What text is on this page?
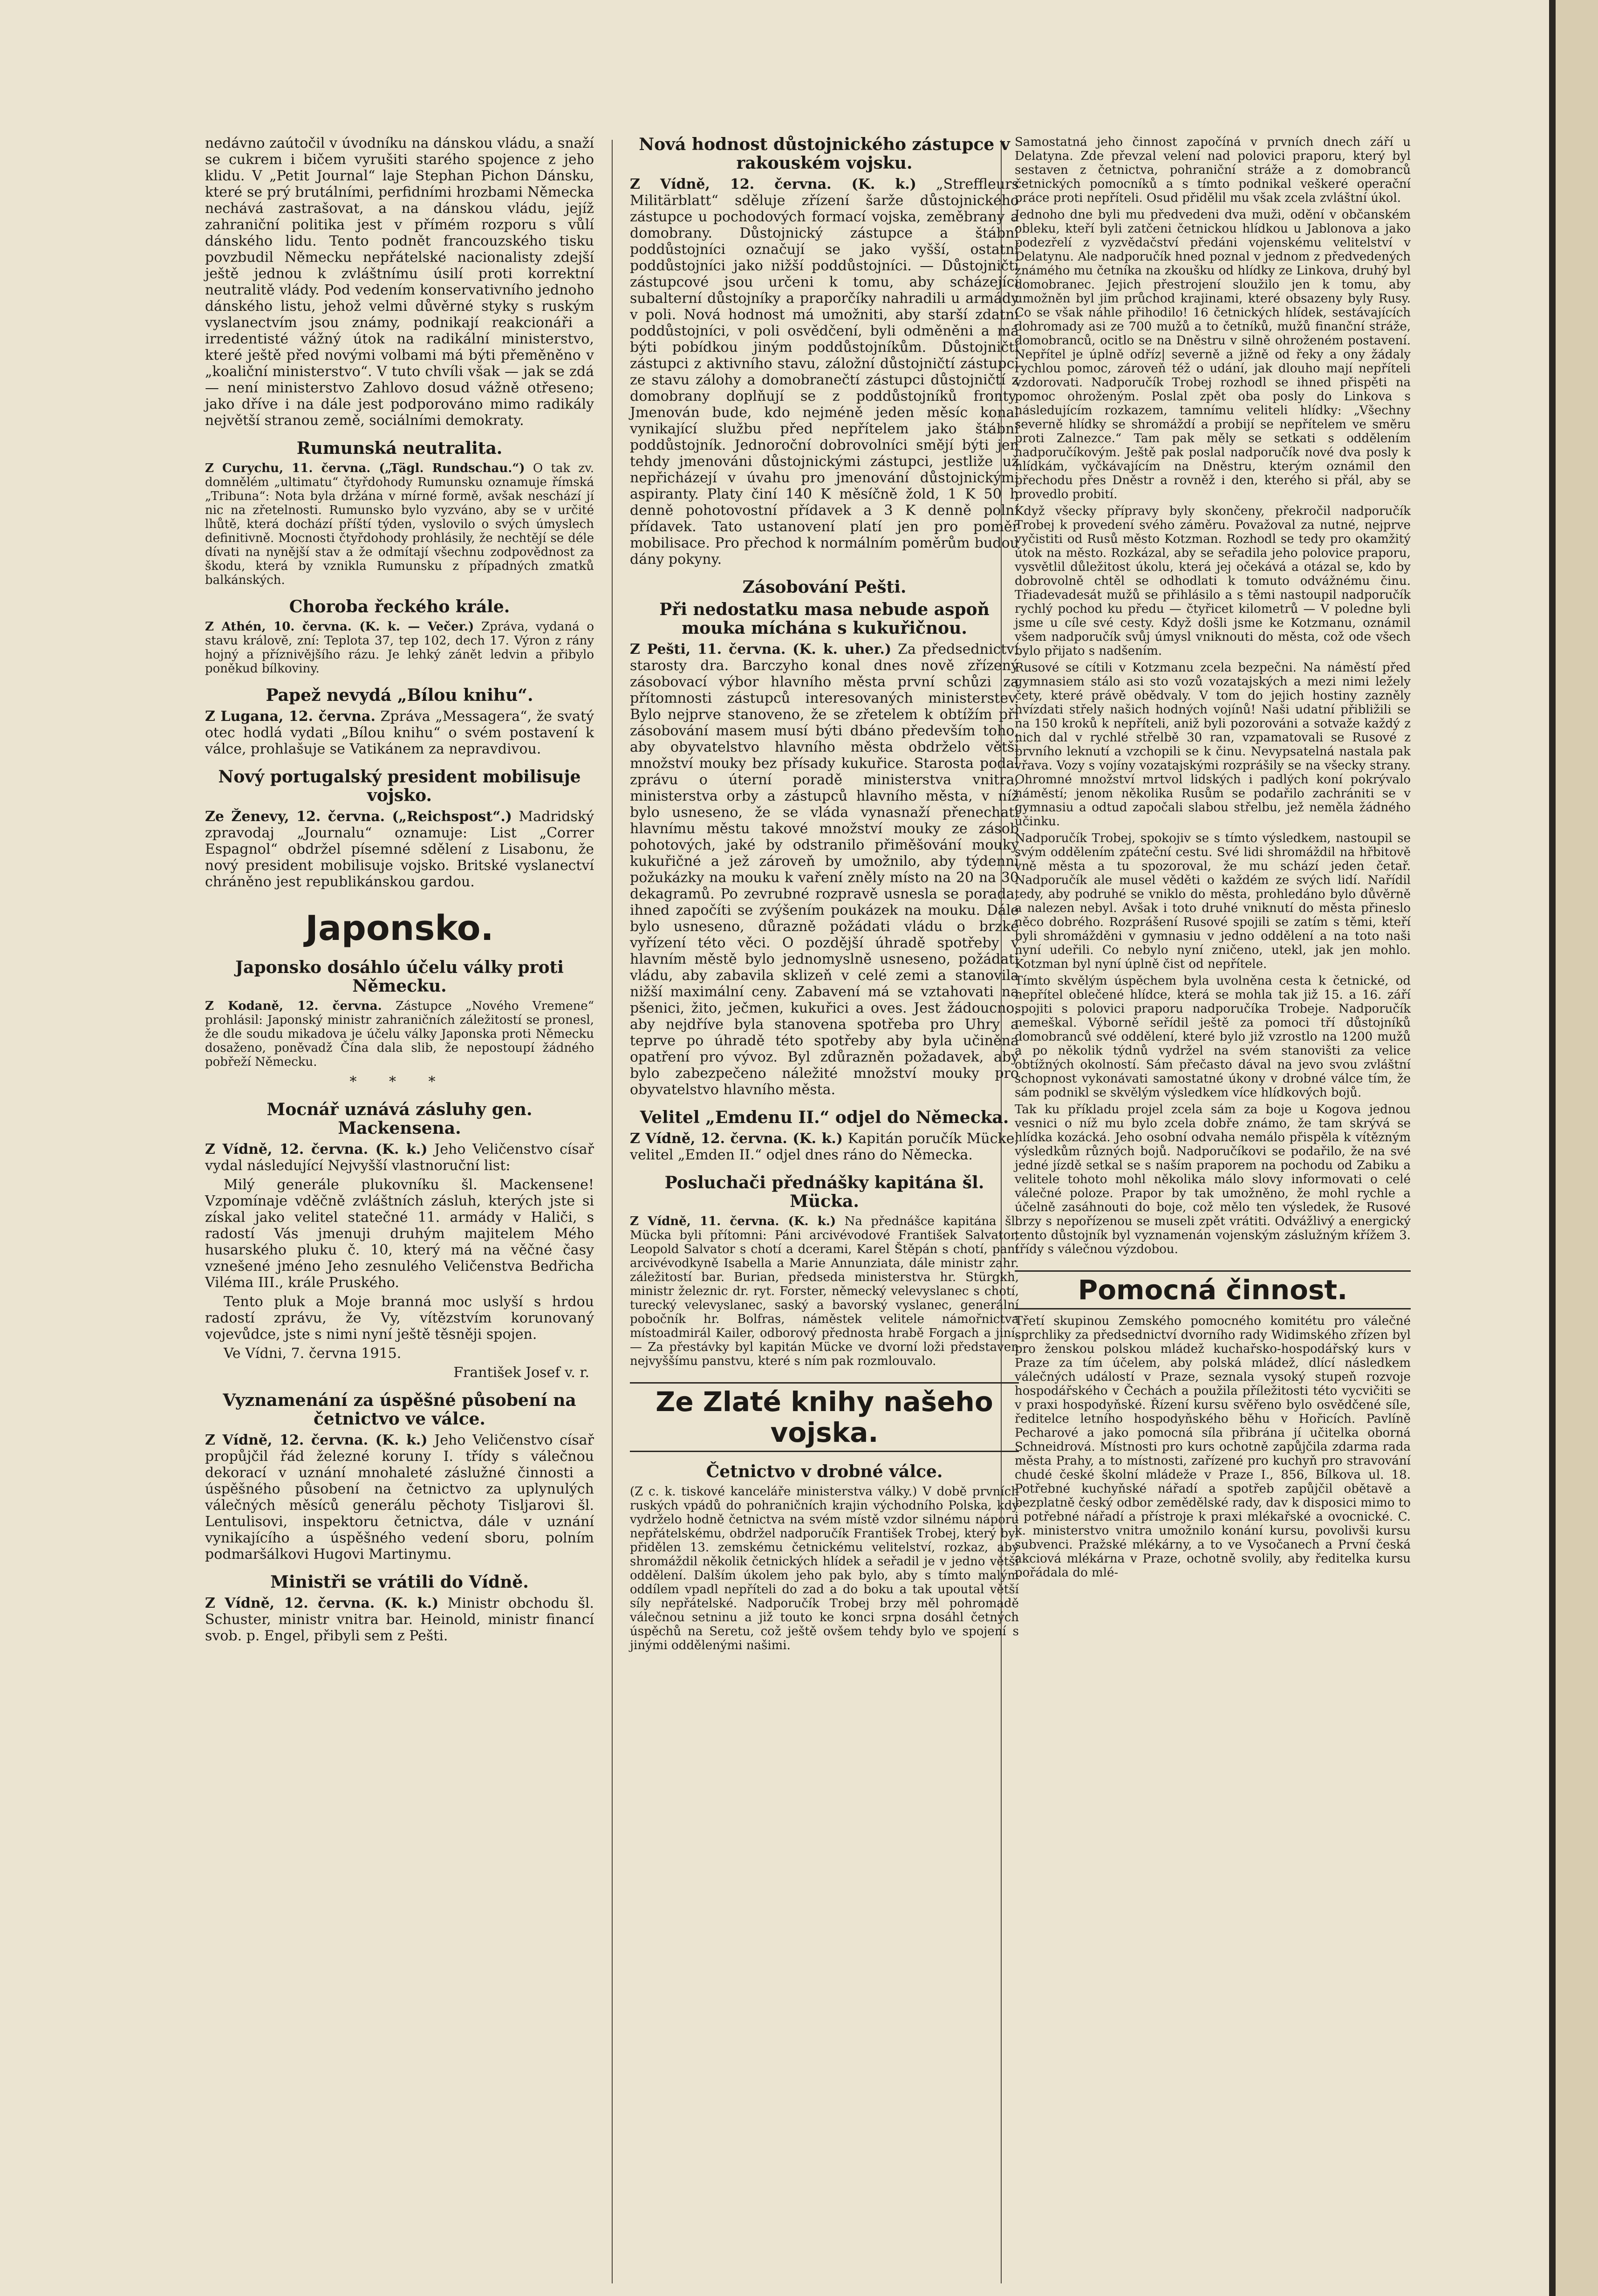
nedávno zaútočil v úvodníku na dánskou vládu, a snaží se cukrem i bičem vyrušiti starého spojence z jeho klidu. V „Petit Journal“ laje Stephan Pichon Dánsku, které se prý brutálními, perfidními hrozbami Německa nechává zastrašovat, a na dánskou vládu, jejíž zahraniční politika jest v přímém rozporu s vůlí dánského lidu. Tento podnět francouzského tisku povzbudil Německu nepřátelské nacionalisty zdejší ještě jednou k zvláštnímu úsilí proti korrektní neutralitě vlády. Pod vedením konservativního jednoho dánského listu, jehož velmi důvěrné styky s ruským vyslanectvím jsou známy, podnikají reakcionáři a irredentisté vážný útok na radikální ministerstvo, které ještě před novými volbami má býti přeměněno v „koaliční ministerstvo“. V tuto chvíli však — jak se zdá — není ministerstvo Zahlovo dosud vážně otřeseno; jako dříve i na dále jest podporováno mimo radikály největší stranou země, sociálními demokraty.

Rumunská neutralita.

Z Curychu, 11. června. („Tägl. Rundschau.“) O tak zv. domnělém „ultimatu“ čtyřdohody Rumunsku oznamuje římská „Tribuna“: Nota byla držána v mírné formě, avšak neschází jí nic na zřetelnosti. Rumunsko bylo vyzváno, aby se v určité lhůtě, která dochází příští týden, vyslovilo o svých úmyslech definitivně. Mocnosti čtyřdohody prohlásily, že nechtějí se déle dívati na nynější stav a že odmítají všechnu zodpovědnost za škodu, která by vznikla Rumunsku z případných zmatků balkánských.

Choroba řeckého krále.

Z Athén, 10. června. (K. k. — Večer.) Zpráva, vydaná o stavu královĕ, zní: Teplota 37, tep 102, dech 17. Výron z rány hojný a příznivějšího rázu. Je lehký zánět ledvin a přibylo poněkud bílkoviny.

Papež nevydá „Bílou knihu“.

Z Lugana, 12. června. Zpráva „Messagera“, že svatý otec hodlá vydati „Bílou knihu“ o svém postavení k válce, prohlašuje se Vatikánem za nepravdivou.

Nový portugalský president mobilisuje vojsko.

Ze Ženevy, 12. června. („Reichspost“.) Madridský zpravodaj „Journalu“ oznamuje: List „Correr Espagnol“ obdržel písemné sdělení z Lisabonu, že nový president mobilisuje vojsko. Britské vyslanectví chráněno jest republikánskou gardou.

Japonsko.
Japonsko dosáhlo účelu války proti Německu.

Z Kodaně, 12. června. Zástupce „Nového Vremene“ prohlásil: Japonský ministr zahraničních záležitostí se pronesl, že dle soudu mikadova je účelu války Japonska proti Německu dosaženo, poněvadž Čína dala slib, že nepostoupí žádného pobřeží Německu.

* * *
Mocnář uznává zásluhy gen. Mackensena.

Z Vídně, 12. června. (K. k.) Jeho Veličenstvo císař vydal následující Nejvyšší vlastnoruční list:

Milý generále plukovníku šl. Mackensene! Vzpomínaje vděčně zvláštních zásluh, kterých jste si získal jako velitel statečné 11. armády v Haliči, s radostí Vás jmenuji druhým majitelem Mého husarského pluku č. 10, který má na věčné časy vznešené jméno Jeho zesnulého Veličenstva Bedřicha Viléma III., krále Pruského.

Tento pluk a Moje branná moc uslyší s hrdou radostí zprávu, že Vy, vítězstvím korunovaný vojevůdce, jste s nimi nyní ještě těsněji spojen.

Ve Vídni, 7. června 1915.

František Josef v. r.

Vyznamenání za úspěšné působení na četnictvo ve válce.

Z Vídně, 12. června. (K. k.) Jeho Veličenstvo císař propůjčil řád železné koruny I. třídy s válečnou dekorací v uznání mnohaleté záslužné činnosti a úspěšného působení na četnictvo za uplynulých válečných měsíců generálu pěchoty Tisljarovi šl. Lentulisovi, inspektoru četnictva, dále v uznání vynikajícího a úspěšného vedení sboru, polním podmaršálkovi Hugovi Martinymu.

Ministři se vrátili do Vídně.

Z Vídně, 12. června. (K. k.) Ministr obchodu šl. Schuster, ministr vnitra bar. Heinold, ministr financí svob. p. Engel, přibyli sem z Pešti.

Nová hodnost důstojnického zástupce v rakouském vojsku.

Z Vídně, 12. června. (K. k.) „Streffleurs Militärblatt“ sděluje zřízení šarže důstojnického zástupce u pochodových formací vojska, zeměbrany a domobrany. Důstojnický zástupce a štábní poddůstojníci označují se jako vyšší, ostatní poddůstojníci jako nižší poddůstojníci. — Důstojničtí zástupcové jsou určeni k tomu, aby scházející subalterní důstojníky a praporčíky nahradili u armády v poli. Nová hodnost má umožniti, aby starší zdatní poddůstojníci, v poli osvědčení, byli odměněni a má býti pobídkou jiným poddůstojníkům. Důstojničtí zástupci z aktivního stavu, záložní důstojničtí zástupci ze stavu zálohy a domobranečtí zástupci důstojničtí z domobrany doplňují se z poddůstojníků fronty. Jmenován bude, kdo nejméně jeden měsíc konal vynikající službu před nepřítelem jako štábní poddůstojník. Jednoroční dobrovolníci smějí býti jen tehdy jmenováni důstojnickými zástupci, jestliže už nepřicházejí v úvahu pro jmenování důstojnickými aspiranty. Platy činí 140 K měsíčně žold, 1 K 50 h denně pohotovostní přídavek a 3 K denně polní přídavek. Tato ustanovení platí jen pro poměr mobilisace. Pro přechod k normálním poměrům budou dány pokyny.

Zásobování Pešti.
Při nedostatku masa nebude aspoň mouka míchána s kukuřičnou.

Z Pešti, 11. června. (K. k. uher.) Za předsednictví starosty dra. Barczyho konal dnes nově zřízený zásobovací výbor hlavního města první schůzi za přítomnosti zástupců interesovaných ministerstev. Bylo nejprve stanoveno, že se zřetelem k obtížím při zásobování masem musí býti dbáno především toho, aby obyvatelstvo hlavního města obdrželo větší množství mouky bez přísady kukuřice. Starosta podal zprávu o úterní poradě ministerstva vnitra, ministerstva orby a zástupců hlavního města, v níž bylo usneseno, že se vláda vynasnaží přenechati hlavnímu městu takové množství mouky ze zásob pohotových, jaké by odstranilo přiměšování mouky kukuřičné a jež zároveň by umožnilo, aby týdenní požukázky na mouku k vaření zněly místo na 20 na 30 dekagramů. Po zevrubné rozpravě usnesla se porada, ihned započíti se zvýšením poukázek na mouku. Dále bylo usneseno, důrazně požádati vládu o brzké vyřízení této věci. O pozdější úhradě spotřeby v hlavním městě bylo jednomyslně usneseno, požádati vládu, aby zabavila sklizeň v celé zemi a stanovila nižší maximální ceny. Zabavení má se vztahovati na pšenici, žito, ječmen, kukuřici a oves. Jest žádoucno, aby nejdříve byla stanovena spotřeba pro Uhry a teprve po úhradě této spotřeby aby byla učiněna opatření pro vývoz. Byl zdůrazněn požadavek, aby bylo zabezpečeno náležité množství mouky pro obyvatelstvo hlavního města.

Velitel „Emdenu II.“ odjel do Německa.

Z Vídně, 12. června. (K. k.) Kapitán poručík Mücke, velitel „Emden II.“ odjel dnes ráno do Německa.

Posluchači přednášky kapitána šl. Mücka.

Z Vídně, 11. června. (K. k.) Na přednášce kapitána šl. Mücka byli přítomni: Páni arcivévodové František Salvator, Leopold Salvator s chotí a dcerami, Karel Štěpán s chotí, paní arcivévodkyně Isabella a Marie Annunziata, dále ministr zahr. záležitostí bar. Burian, předseda ministerstva hr. Stürgkh, ministr železnic dr. ryt. Forster, německý velevyslanec s chotí, turecký velevyslanec, saský a bavorský vyslanec, generální pobočník hr. Bolfras, náměstek velitele námořnictva místoadmirál Kailer, odborový přednosta hrabě Forgach a jiní. — Za přestávky byl kapitán Mücke ve dvorní loži představen nejvyššímu panstvu, které s ním pak rozmlouvalo.

Ze Zlaté knihy našeho vojska.
Četnictvo v drobné válce.

(Z c. k. tiskové kanceláře ministerstva války.) V době prvních ruských vpádů do pohraničních krajin východního Polska, kdy vydrželo hodně četnictva na svém místě vzdor silnému náporu nepřátelskému, obdržel nadporučík František Trobej, který byl přidělen 13. zemskému četnickému velitelství, rozkaz, aby shromáždil několik četnických hlídek a seřadil je v jedno větší oddělení. Dalším úkolem jeho pak bylo, aby s tímto malým oddílem vpadl nepříteli do zad a do boku a tak upoutal větší síly nepřátelské. Nadporučík Trobej brzy měl pohromadě válečnou setninu a již touto ke konci srpna dosáhl četných úspěchů na Seretu, což ještě ovšem tehdy bylo ve spojení s jinými oddělenými našimi.

Samostatná jeho činnost započíná v prvních dnech září u Delatyna. Zde převzal velení nad polovici praporu, který byl sestaven z četnictva, pohraniční stráže a z domobranců četnických pomocníků a s tímto podnikal veškeré operační práce proti nepříteli. Osud přidělil mu však zcela zvláštní úkol.

Jednoho dne byli mu předvedeni dva muži, odění v občanském obleku, kteří byli zatčeni četnickou hlídkou u Jablonova a jako podezřelí z vyzvědačství předáni vojenskému velitelství v Delatynu. Ale nadporučík hned poznal v jednom z předvedených známého mu četníka na zkoušku od hlídky ze Linkova, druhý byl domobranec. Jejich přestrojení sloužilo jen k tomu, aby umožněn byl jim průchod krajinami, které obsazeny byly Rusy. Co se však náhle přihodilo! 16 četnických hlídek, sestávajících dohromady asi ze 700 mužů a to četníků, mužů finanční stráže, domobranců, ocitlo se na Dněstru v silně ohroženém postavení. Nepřítel je úplně odříz| severně a jižně od řeky a ony žádaly rychlou pomoc, zároveň též o udání, jak dlouho mají nepříteli vzdorovati. Nadporučík Trobej rozhodl se ihned přispěti na pomoc ohroženým. Poslal zpět oba posly do Linkova s následujícím rozkazem, tamnímu veliteli hlídky: „Všechny severně hlídky se shromáždí a probijí se nepřítelem ve směru proti Zalnezce.“ Tam pak měly se setkati s oddělením nadporučíkovým. Ještě pak poslal nadporučík nové dva posly k hlídkám, vyčkávajícím na Dněstru, kterým oznámil den přechodu přes Dněstr a rovněž i den, kterého si přál, aby se provedlo probití.

Když všecky přípravy byly skončeny, překročil nadporučík Trobej k provedení svého záměru. Považoval za nutné, nejprve vyčistiti od Rusů město Kotzman. Rozhodl se tedy pro okamžitý útok na město. Rozkázal, aby se seřadila jeho polovice praporu, vysvětlil důležitost úkolu, která jej očekává a otázal se, kdo by dobrovolně chtěl se odhodlati k tomuto odvážnému činu. Třiadevadesát mužů se přihlásilo a s těmi nastoupil nadporučík rychlý pochod ku předu — čtyřicet kilometrů — V poledne byli jsme u cíle své cesty. Když došli jsme ke Kotzmanu, oznámil všem nadporučík svůj úmysl vniknouti do města, což ode všech bylo přijato s nadšením.

Rusové se cítili v Kotzmanu zcela bezpečni. Na náměstí před gymnasiem stálo asi sto vozů vozatajských a mezi nimi ležely čety, které právě obědvaly. V tom do jejich hostiny zazněly hvízdati střely našich hodných vojínů! Naši udatní přibližili se na 150 kroků k nepříteli, aniž byli pozorováni a sotvaže každý z nich dal v rychlé střelbě 30 ran, vzpamatovali se Rusové z prvního leknutí a vzchopili se k činu. Nevypsatelná nastala pak vřava. Vozy s vojíny vozatajskými rozprášily se na všecky strany. Ohromné množství mrtvol lidských i padlých koní pokrývalo náměstí; jenom několika Rusům se podařilo zachrániti se v gymnasiu a odtud započali slabou střelbu, jež neměla žádného účinku.

Nadporučík Trobej, spokojiv se s tímto výsledkem, nastoupil se svým oddělením zpáteční cestu. Své lidi shromáždil na hřbitově vně města a tu spozoroval, že mu schází jeden četař. Nadporučík ale musel věděti o každém ze svých lidí. Nařídil tedy, aby podruhé se vniklo do města, prohledáno bylo důvěrně a nalezen nebyl. Avšak i toto druhé vniknutí do města přineslo něco dobrého. Rozprášení Rusové spojili se zatím s těmi, kteří byli shromážděni v gymnasiu v jedno oddělení a na toto naši nyní udeřili. Co nebylo nyní zničeno, utekl, jak jen mohlo. Kotzman byl nyní úplně čist od nepřítele.

Tímto skvělým úspěchem byla uvolněna cesta k četnické, od nepřítel oblečené hlídce, která se mohla tak již 15. a 16. září spojiti s polovici praporu nadporučíka Trobeje. Nadporučík nemeškal. Výborně seřídil ještě za pomoci tří důstojníků domobranců své oddělení, které bylo již vzrostlo na 1200 mužů a po několik týdnů vydržel na svém stanovišti za velice obtížných okolností. Sám přečasto dával na jevo svou zvláštní schopnost vykonávati samostatné úkony v drobné válce tím, že sám podnikl se skvělým výsledkem více hlídkových bojů.

Tak ku příkladu projel zcela sám za boje u Kogova jednou vesnici o níž mu bylo zcela dobře známo, že tam skrývá se hlídka kozácká. Jeho osobní odvaha nemálo přispěla k vítězným výsledkům různých bojů. Nadporučíkovi se podařilo, že na své jedné jízdě setkal se s naším praporem na pochodu od Zabiku a velitele tohoto mohl několika málo slovy informovati o celé válečné poloze. Prapor by tak umožněno, že mohl rychle a účelně zasáhnouti do boje, což mělo ten výsledek, že Rusové brzy s nepořízenou se museli zpět vrátiti. Odvážlivý a energický tento důstojník byl vyznamenán vojenským záslužným křížem 3. třídy s válečnou výzdobou.

Pomocná činnost.

Třetí skupinou Zemského pomocného komitétu pro válečné sprchliky za předsednictví dvorního rady Widimského zřízen byl pro ženskou polskou mládež kuchařsko-hospodářský kurs v Praze za tím účelem, aby polská mládež, dlící následkem válečných událostí v Praze, seznala vysoký stupeň rozvoje hospodářského v Čechách a použila příležitosti této vycvičiti se v praxi hospodyňské. Řízení kursu svěřeno bylo osvědčené síle, ředitelce letního hospodyňského běhu v Hořicích. Pavlíně Pecharové a jako pomocná síla přibrána jí učitelka oborná Schneidrová. Místnosti pro kurs ochotně zapůjčila zdarma rada města Prahy, a to místnosti, zařízené pro kuchyň pro stravování chudé české školní mládeže v Praze I., 856, Bílkova ul. 18. Potřebné kuchyňské nářadí a spotřeb zapůjčil obětavě a bezplatně český odbor zemědělské rady, dav k disposici mimo to i potřebné nářadí a přístroje k praxi mlékařské a ovocnické. C. k. ministerstvo vnitra umožnilo konání kursu, povolivši kursu subvenci. Pražské mlékárny, a to ve Vysočanech a První česká akciová mlékárna v Praze, ochotně svolily, aby ředitelka kursu pořádala do mlé-
